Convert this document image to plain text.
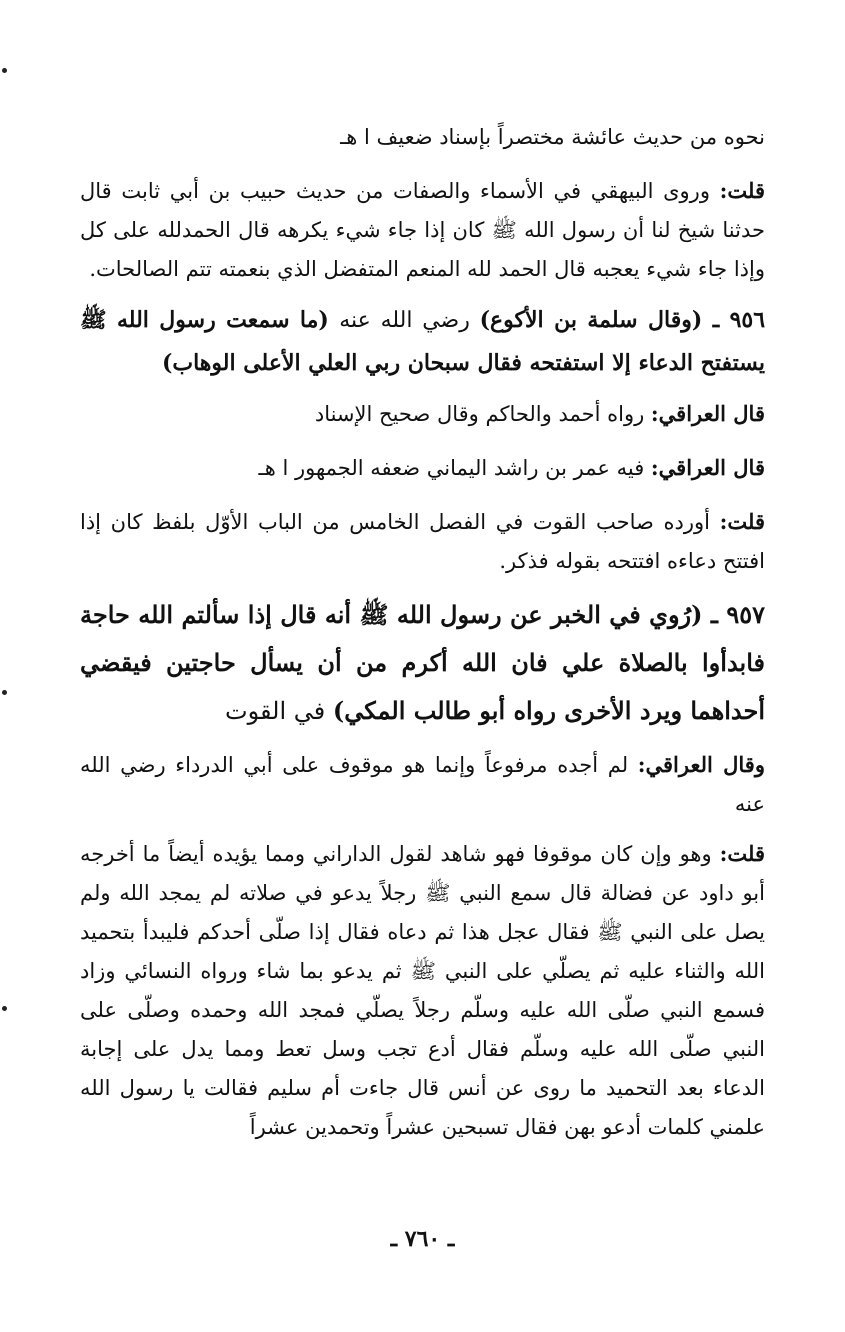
نحوه من حديث عائشة مختصراً بإسناد ضعيف ا هـ

قلت: وروى البيهقي في الأسماء والصفات من حديث حبيب بن أبي ثابت قال حدثنا شيخ لنا أن رسول الله ﷺ كان إذا جاء شيء يكرهه قال الحمدلله على كل وإذا جاء شيء يعجبه قال الحمد لله المنعم المتفضل الذي بنعمته تتم الصالحات.

٩٥٦ ـ (وقال سلمة بن الأكوع) رضي الله عنه (ما سمعت رسول الله ﷺ يستفتح الدعاء إلا استفتحه فقال سبحان ربي العلي الأعلى الوهاب)

قال العراقي: رواه أحمد والحاكم وقال صحيح الإسناد

قال العراقي: فيه عمر بن راشد اليماني ضعفه الجمهور ا هـ

قلت: أورده صاحب القوت في الفصل الخامس من الباب الأوّل بلفظ كان إذا افتتح دعاءه افتتحه بقوله فذكر.

٩٥٧ ـ (رُوي في الخبر عن رسول الله ﷺ أنه قال إذا سألتم الله حاجة فابدأوا بالصلاة علي فان الله أكرم من أن يسأل حاجتين فيقضي أحداهما ويرد الأخرى رواه أبو طالب المكي) في القوت

وقال العراقي: لم أجده مرفوعاً وإنما هو موقوف على أبي الدرداء رضي الله عنه

قلت: وهو وإن كان موقوفا فهو شاهد لقول الداراني ومما يؤيده أيضاً ما أخرجه أبو داود عن فضالة قال سمع النبي ﷺ رجلاً يدعو في صلاته لم يمجد الله ولم يصل على النبي ﷺ فقال عجل هذا ثم دعاه فقال إذا صلّى أحدكم فليبدأ بتحميد الله والثناء عليه ثم يصلّي على النبي ﷺ ثم يدعو بما شاء ورواه النسائي وزاد فسمع النبي صلّى الله عليه وسلّم رجلاً يصلّي فمجد الله وحمده وصلّى على النبي صلّى الله عليه وسلّم فقال أدع تجب وسل تعط ومما يدل على إجابة الدعاء بعد التحميد ما روى عن أنس قال جاءت أم سليم فقالت يا رسول الله علمني كلمات أدعو بهن فقال تسبحين عشراً وتحمدين عشراً

ـ ٧٦٠ ـ
